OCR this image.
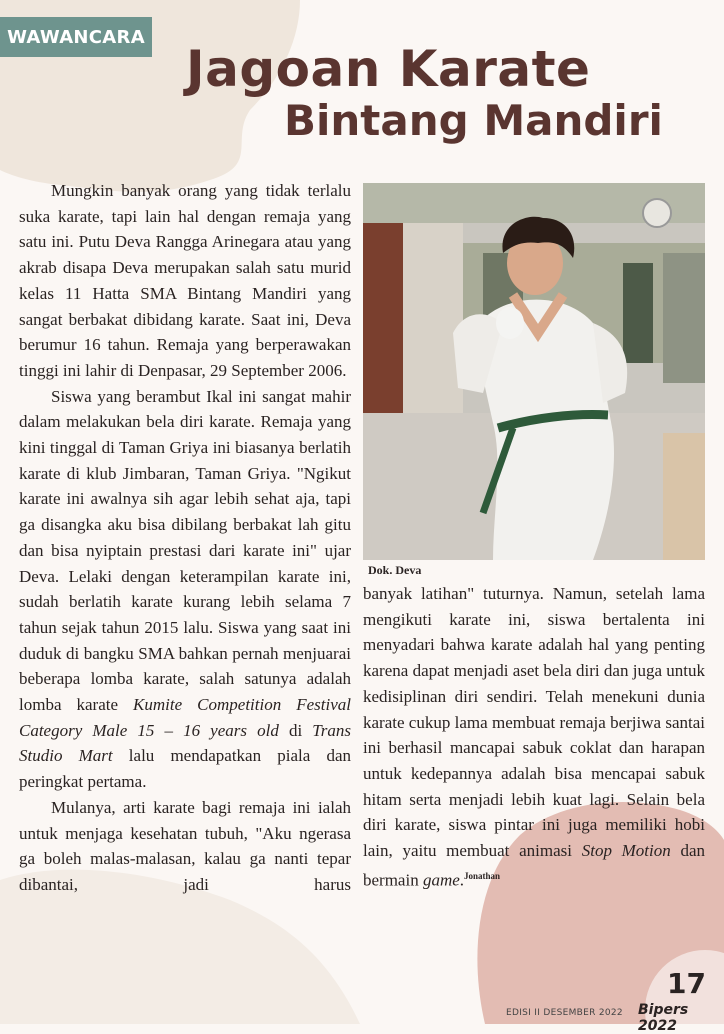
WAWANCARA
Jagoan Karate
Bintang Mandiri

Mungkin banyak orang yang tidak terlalu suka karate, tapi lain hal dengan remaja yang satu ini. Putu Deva Rangga Arinegara atau yang akrab disapa Deva merupakan salah satu murid kelas 11 Hatta SMA Bintang Mandiri yang sangat berbakat dibidang karate. Saat ini, Deva berumur 16 tahun. Remaja yang berperawakan tinggi ini lahir di Denpasar, 29 September 2006.

Siswa yang berambut Ikal ini sangat mahir dalam melakukan bela diri karate. Remaja yang kini tinggal di Taman Griya ini biasanya berlatih karate di klub Jimbaran, Taman Griya. "Ngikut karate ini awalnya sih agar lebih sehat aja, tapi ga disangka aku bisa dibilang berbakat lah gitu dan bisa nyiptain prestasi dari karate ini" ujar Deva. Lelaki dengan keterampilan karate ini, sudah berlatih karate kurang lebih selama 7 tahun sejak tahun 2015 lalu. Siswa yang saat ini duduk di bangku SMA bahkan pernah menjuarai beberapa lomba karate, salah satunya adalah lomba karate Kumite Competition Festival Category Male 15 – 16 years old di Trans Studio Mart lalu mendapatkan piala dan peringkat pertama.

Mulanya, arti karate bagi remaja ini ialah untuk menjaga kesehatan tubuh, "Aku ngerasa ga boleh malas-malasan, kalau ga nanti tepar dibantai, jadi harus

Dok. Deva

banyak latihan" tuturnya. Namun, setelah lama mengikuti karate ini, siswa bertalenta ini menyadari bahwa karate adalah hal yang penting karena dapat menjadi aset bela diri dan juga untuk kedisiplinan diri sendiri. Telah menekuni dunia karate cukup lama membuat remaja berjiwa santai ini berhasil mancapai sabuk coklat dan harapan untuk kedepannya adalah bisa mencapai sabuk hitam serta menjadi lebih kuat lagi. Selain bela diri karate, siswa pintar ini juga memiliki hobi lain, yaitu membuat animasi Stop Motion dan bermain game.$^{Jonathan}$

EDISI II DESEMBER 2022
17
Bipers 2022
